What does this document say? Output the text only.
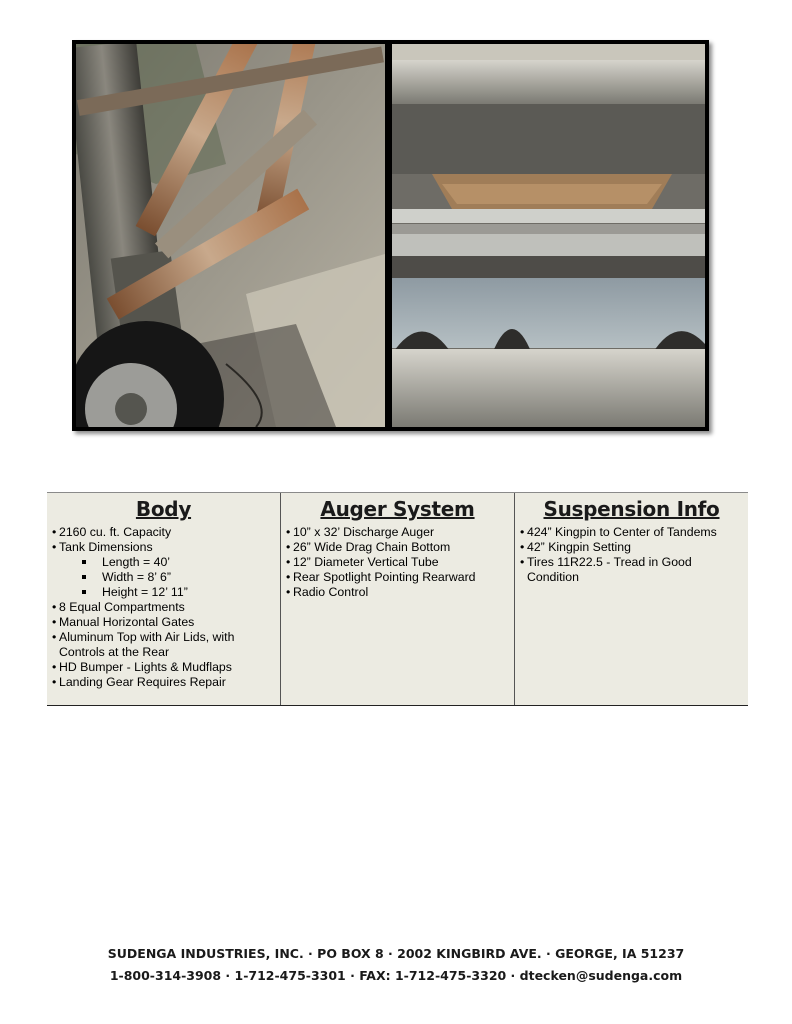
Body
• 2160 cu. ft. Capacity
• Tank Dimensions
Length = 40’
Width = 8’ 6”
Height = 12’ 11”
• 8 Equal Compartments
• Manual Horizontal Gates
• Aluminum Top with Air Lids, with
Controls at the Rear
• HD Bumper - Lights & Mudflaps
• Landing Gear Requires Repair
Auger System
• 10” x 32’ Discharge Auger
• 26” Wide Drag Chain Bottom
• 12” Diameter Vertical Tube
• Rear Spotlight Pointing Rearward
• Radio Control
Suspension Info
• 424” Kingpin to Center of Tandems
• 42” Kingpin Setting
• Tires 11R22.5 - Tread in Good
Condition
SUDENGA INDUSTRIES, INC. · PO BOX 8 · 2002 KINGBIRD AVE. · GEORGE, IA 51237
1-800-314-3908 · 1-712-475-3301 · FAX: 1-712-475-3320 · dtecken@sudenga.com
